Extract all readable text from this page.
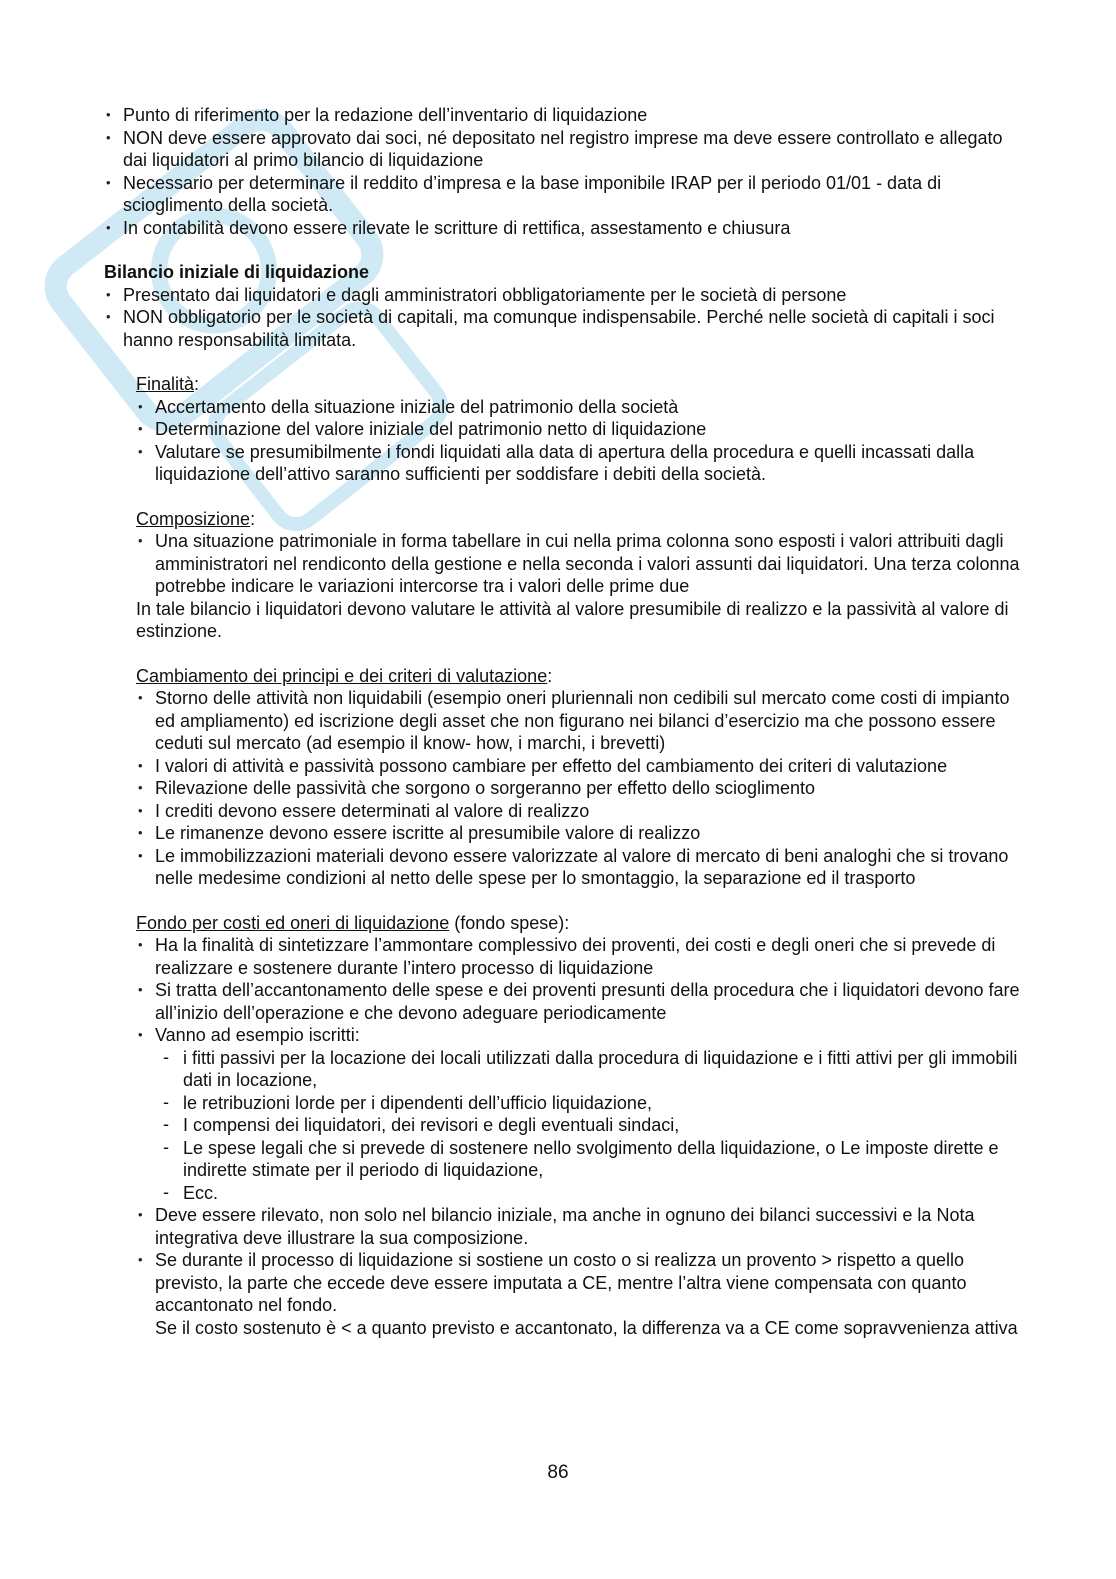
• Punto di riferimento per la redazione dell’inventario di liquidazione
• NON deve essere approvato dai soci, né depositato nel registro imprese ma deve essere controllato e allegato dai liquidatori al primo bilancio di liquidazione
• Necessario per determinare il reddito d’impresa e la base imponibile IRAP per il periodo 01/01 - data di scioglimento della società.
• In contabilità devono essere rilevate le scritture di rettifica, assestamento e chiusura
Bilancio iniziale di liquidazione
• Presentato dai liquidatori e dagli amministratori obbligatoriamente per le società di persone
• NON obbligatorio per le società di capitali, ma comunque indispensabile. Perché nelle società di capitali i soci hanno responsabilità limitata.
Finalità:
• Accertamento della situazione iniziale del patrimonio della società
• Determinazione del valore iniziale del patrimonio netto di liquidazione
• Valutare se presumibilmente i fondi liquidati alla data di apertura della procedura e quelli incassati dalla liquidazione dell’attivo saranno sufficienti per soddisfare i debiti della società.
Composizione:
• Una situazione patrimoniale in forma tabellare in cui nella prima colonna sono esposti i valori attribuiti dagli amministratori nel rendiconto della gestione e nella seconda i valori assunti dai liquidatori. Una terza colonna potrebbe indicare le variazioni intercorse tra i valori delle prime due
In tale bilancio i liquidatori devono valutare le attività al valore presumibile di realizzo e la passività al valore di estinzione.
Cambiamento dei principi e dei criteri di valutazione:
• Storno delle attività non liquidabili (esempio oneri pluriennali non cedibili sul mercato come costi di impianto ed ampliamento) ed iscrizione degli asset che non figurano nei bilanci d’esercizio ma che possono essere ceduti sul mercato (ad esempio il know- how, i marchi, i brevetti)
• I valori di attività e passività possono cambiare per effetto del cambiamento dei criteri di valutazione
• Rilevazione delle passività che sorgono o sorgeranno per effetto dello scioglimento
• I crediti devono essere determinati al valore di realizzo
• Le rimanenze devono essere iscritte al presumibile valore di realizzo
• Le immobilizzazioni materiali devono essere valorizzate al valore di mercato di beni analoghi che si trovano nelle medesime condizioni al netto delle spese per lo smontaggio, la separazione ed il trasporto
Fondo per costi ed oneri di liquidazione (fondo spese):
• Ha la finalità di sintetizzare l’ammontare complessivo dei proventi, dei costi e degli oneri che si prevede di realizzare e sostenere durante l’intero processo di liquidazione
• Si tratta dell’accantonamento delle spese e dei proventi presunti della procedura che i liquidatori devono fare all’inizio dell’operazione e che devono adeguare periodicamente
• Vanno ad esempio iscritti:
- i fitti passivi per la locazione dei locali utilizzati dalla procedura di liquidazione e i fitti attivi per gli immobili dati in locazione,
- le retribuzioni lorde per i dipendenti dell’ufficio liquidazione,
- I compensi dei liquidatori, dei revisori e degli eventuali sindaci,
- Le spese legali che si prevede di sostenere nello svolgimento della liquidazione, o Le imposte dirette e indirette stimate per il periodo di liquidazione,
- Ecc.
• Deve essere rilevato, non solo nel bilancio iniziale, ma anche in ognuno dei bilanci successivi e la Nota integrativa deve illustrare la sua composizione.
• Se durante il processo di liquidazione si sostiene un costo o si realizza un provento > rispetto a quello previsto, la parte che eccede deve essere imputata a CE, mentre l’altra viene compensata con quanto accantonato nel fondo.
Se il costo sostenuto è < a quanto previsto e accantonato, la differenza va a CE come sopravvenienza attiva
86
